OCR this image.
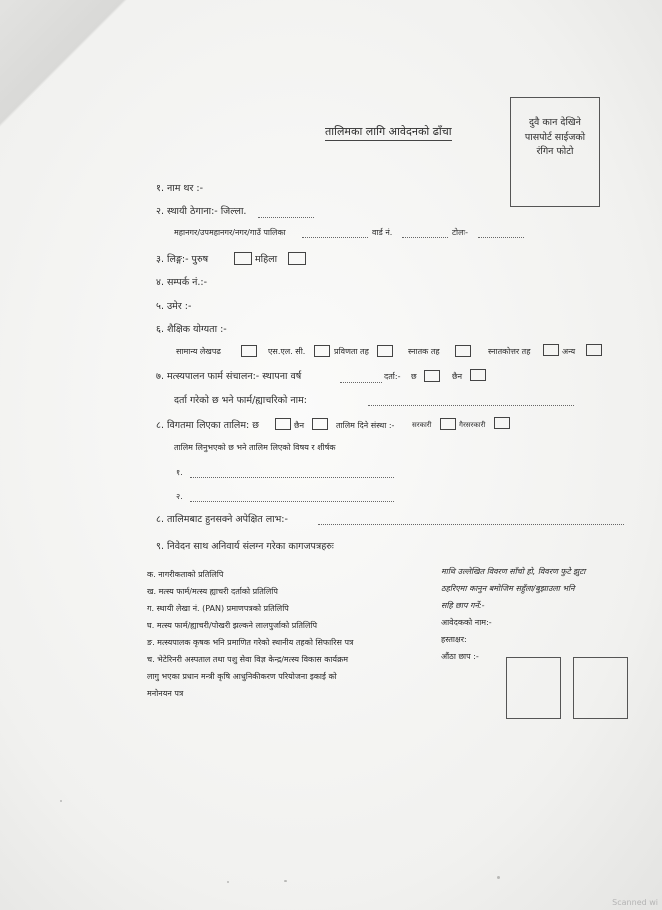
तालिमका लागि आवेदनको ढाँचा
दुवै कान देखिने
पासपोर्ट साईजको
रंगिन फोटो
१. नाम थर :-
२. स्थायी ठेगाना:- जिल्ला.
महानगर/उपमहानगर/नगर/गाउँ पालिका	वार्ड नं.	टोलः-
३. लिङ्ग:- पुरुष	महिला
४. सम्पर्क नं.:-
५. उमेर :-
६. शैक्षिक योग्यता :-
सामान्य लेखपढ	एस.एल. सी.	प्रविणता तह	स्नातक तह	स्नातकोत्तर तह	अन्य
७. मत्स्यपालन फार्म संचालन:- स्थापना वर्ष	दर्ता:- छ	छैन
दर्ता गरेको छ भने फार्म/ह्याचरिको नाम:
८. विगतमा लिएका तालिम: छ	छैन	तालिम दिने संस्था :-	सरकारी	गैरसरकारी
तालिम लिनुभएको छ भने तालिम लिएको विषय र शीर्षक
१.
२.
८. तालिमबाट हुनसक्ने अपेक्षित लाभ:-
९. निवेदन साथ अनिवार्य संलग्न गरेका कागजपत्रहरुः
क. नागरीकताको प्रतिलिपि
ख. मत्स्य फार्म/मत्स्य ह्याचरी दर्ताको प्रतिलिपि
ग. स्थायी लेखा नं. (PAN) प्रमाणपत्रको प्रतिलिपि
घ. मत्स्य फार्म/ह्याचरी/पोखरी झल्कने लालपुर्जाको प्रतिलिपि
ङ. मत्स्यपालक कृषक भनि प्रमाणित गरेको स्थानीय तहको सिफारिस पत्र
च. भेटेरिनरी अस्पताल तथा पशु सेवा विज्ञ केन्द्र/मत्स्य विकास कार्यक्रम
लागु भएका प्रधान मन्त्री कृषि आधुनिकीकरण परियोजना इकाई को
मनोनयन पत्र
माथि उल्लेखित विवरण साँचो हो, विवरण फुटे झुटा
ठहरिएमा कानुन बमोजिम सहुँला/बुझाउला भनि
सहि छाप गर्ने:-
आवेदकको नाम:-
हस्ताक्षर:
औंठा छाप :-
Scanned wi
